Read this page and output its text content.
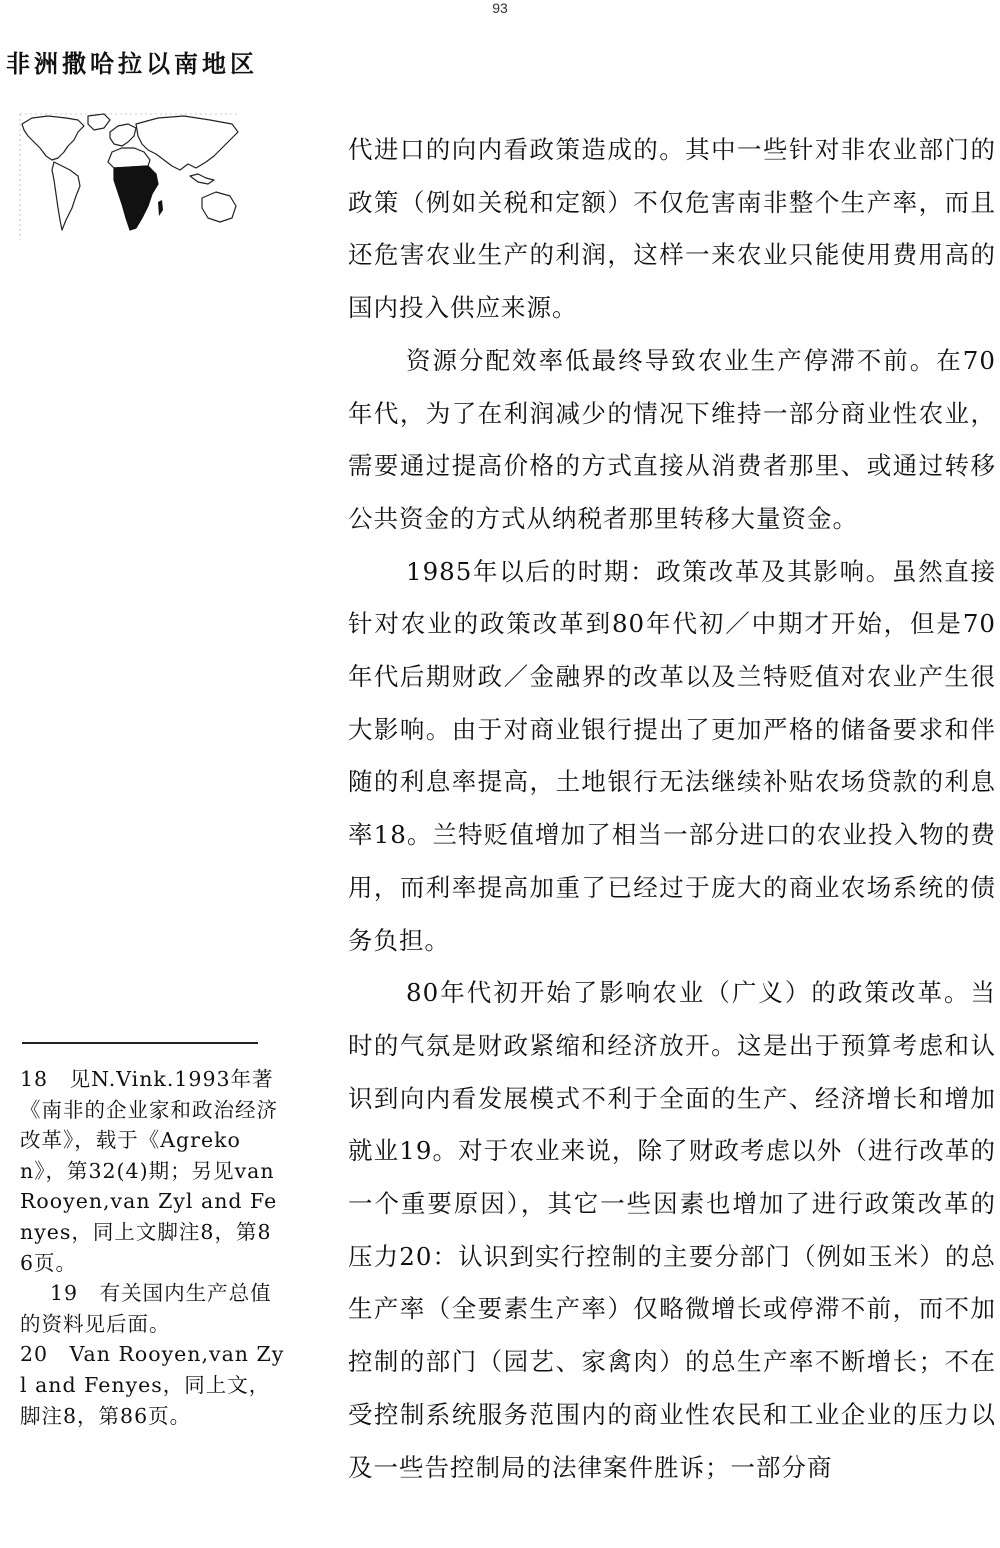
93
非洲撒哈拉以南地区

代进口的向内看政策造成的。其中一些针对非农业部门的政策（例如关税和定额）不仅危害南非整个生产率，而且还危害农业生产的利润，这样一来农业只能使用费用高的国内投入供应来源。

资源分配效率低最终导致农业生产停滞不前。在70年代，为了在利润减少的情况下维持一部分商业性农业，需要通过提高价格的方式直接从消费者那里、或通过转移公共资金的方式从纳税者那里转移大量资金。

1985年以后的时期：政策改革及其影响。虽然直接针对农业的政策改革到80年代初／中期才开始，但是70年代后期财政／金融界的改革以及兰特贬值对农业产生很大影响。由于对商业银行提出了更加严格的储备要求和伴随的利息率提高，土地银行无法继续补贴农场贷款的利息率18。兰特贬值增加了相当一部分进口的农业投入物的费用，而利率提高加重了已经过于庞大的商业农场系统的债务负担。

80年代初开始了影响农业（广义）的政策改革。当时的气氛是财政紧缩和经济放开。这是出于预算考虑和认识到向内看发展模式不利于全面的生产、经济增长和增加就业19。对于农业来说，除了财政考虑以外（进行改革的一个重要原因），其它一些因素也增加了进行政策改革的压力20：认识到实行控制的主要分部门（例如玉米）的总生产率（全要素生产率）仅略微增长或停滞不前，而不加控制的部门（园艺、家禽肉）的总生产率不断增长；不在受控制系统服务范围内的商业性农民和工业企业的压力以及一些告控制局的法律案件胜诉；一部分商

18　见N.Vink.1993年著《南非的企业家和政治经济改革》，载于《Agrekon》，第32(4)期；另见van Rooyen,van Zyl and Fenyes，同上文脚注8，第86页。

19　有关国内生产总值的资料见后面。

20　Van Rooyen,van Zyl and Fenyes，同上文，脚注8，第86页。
